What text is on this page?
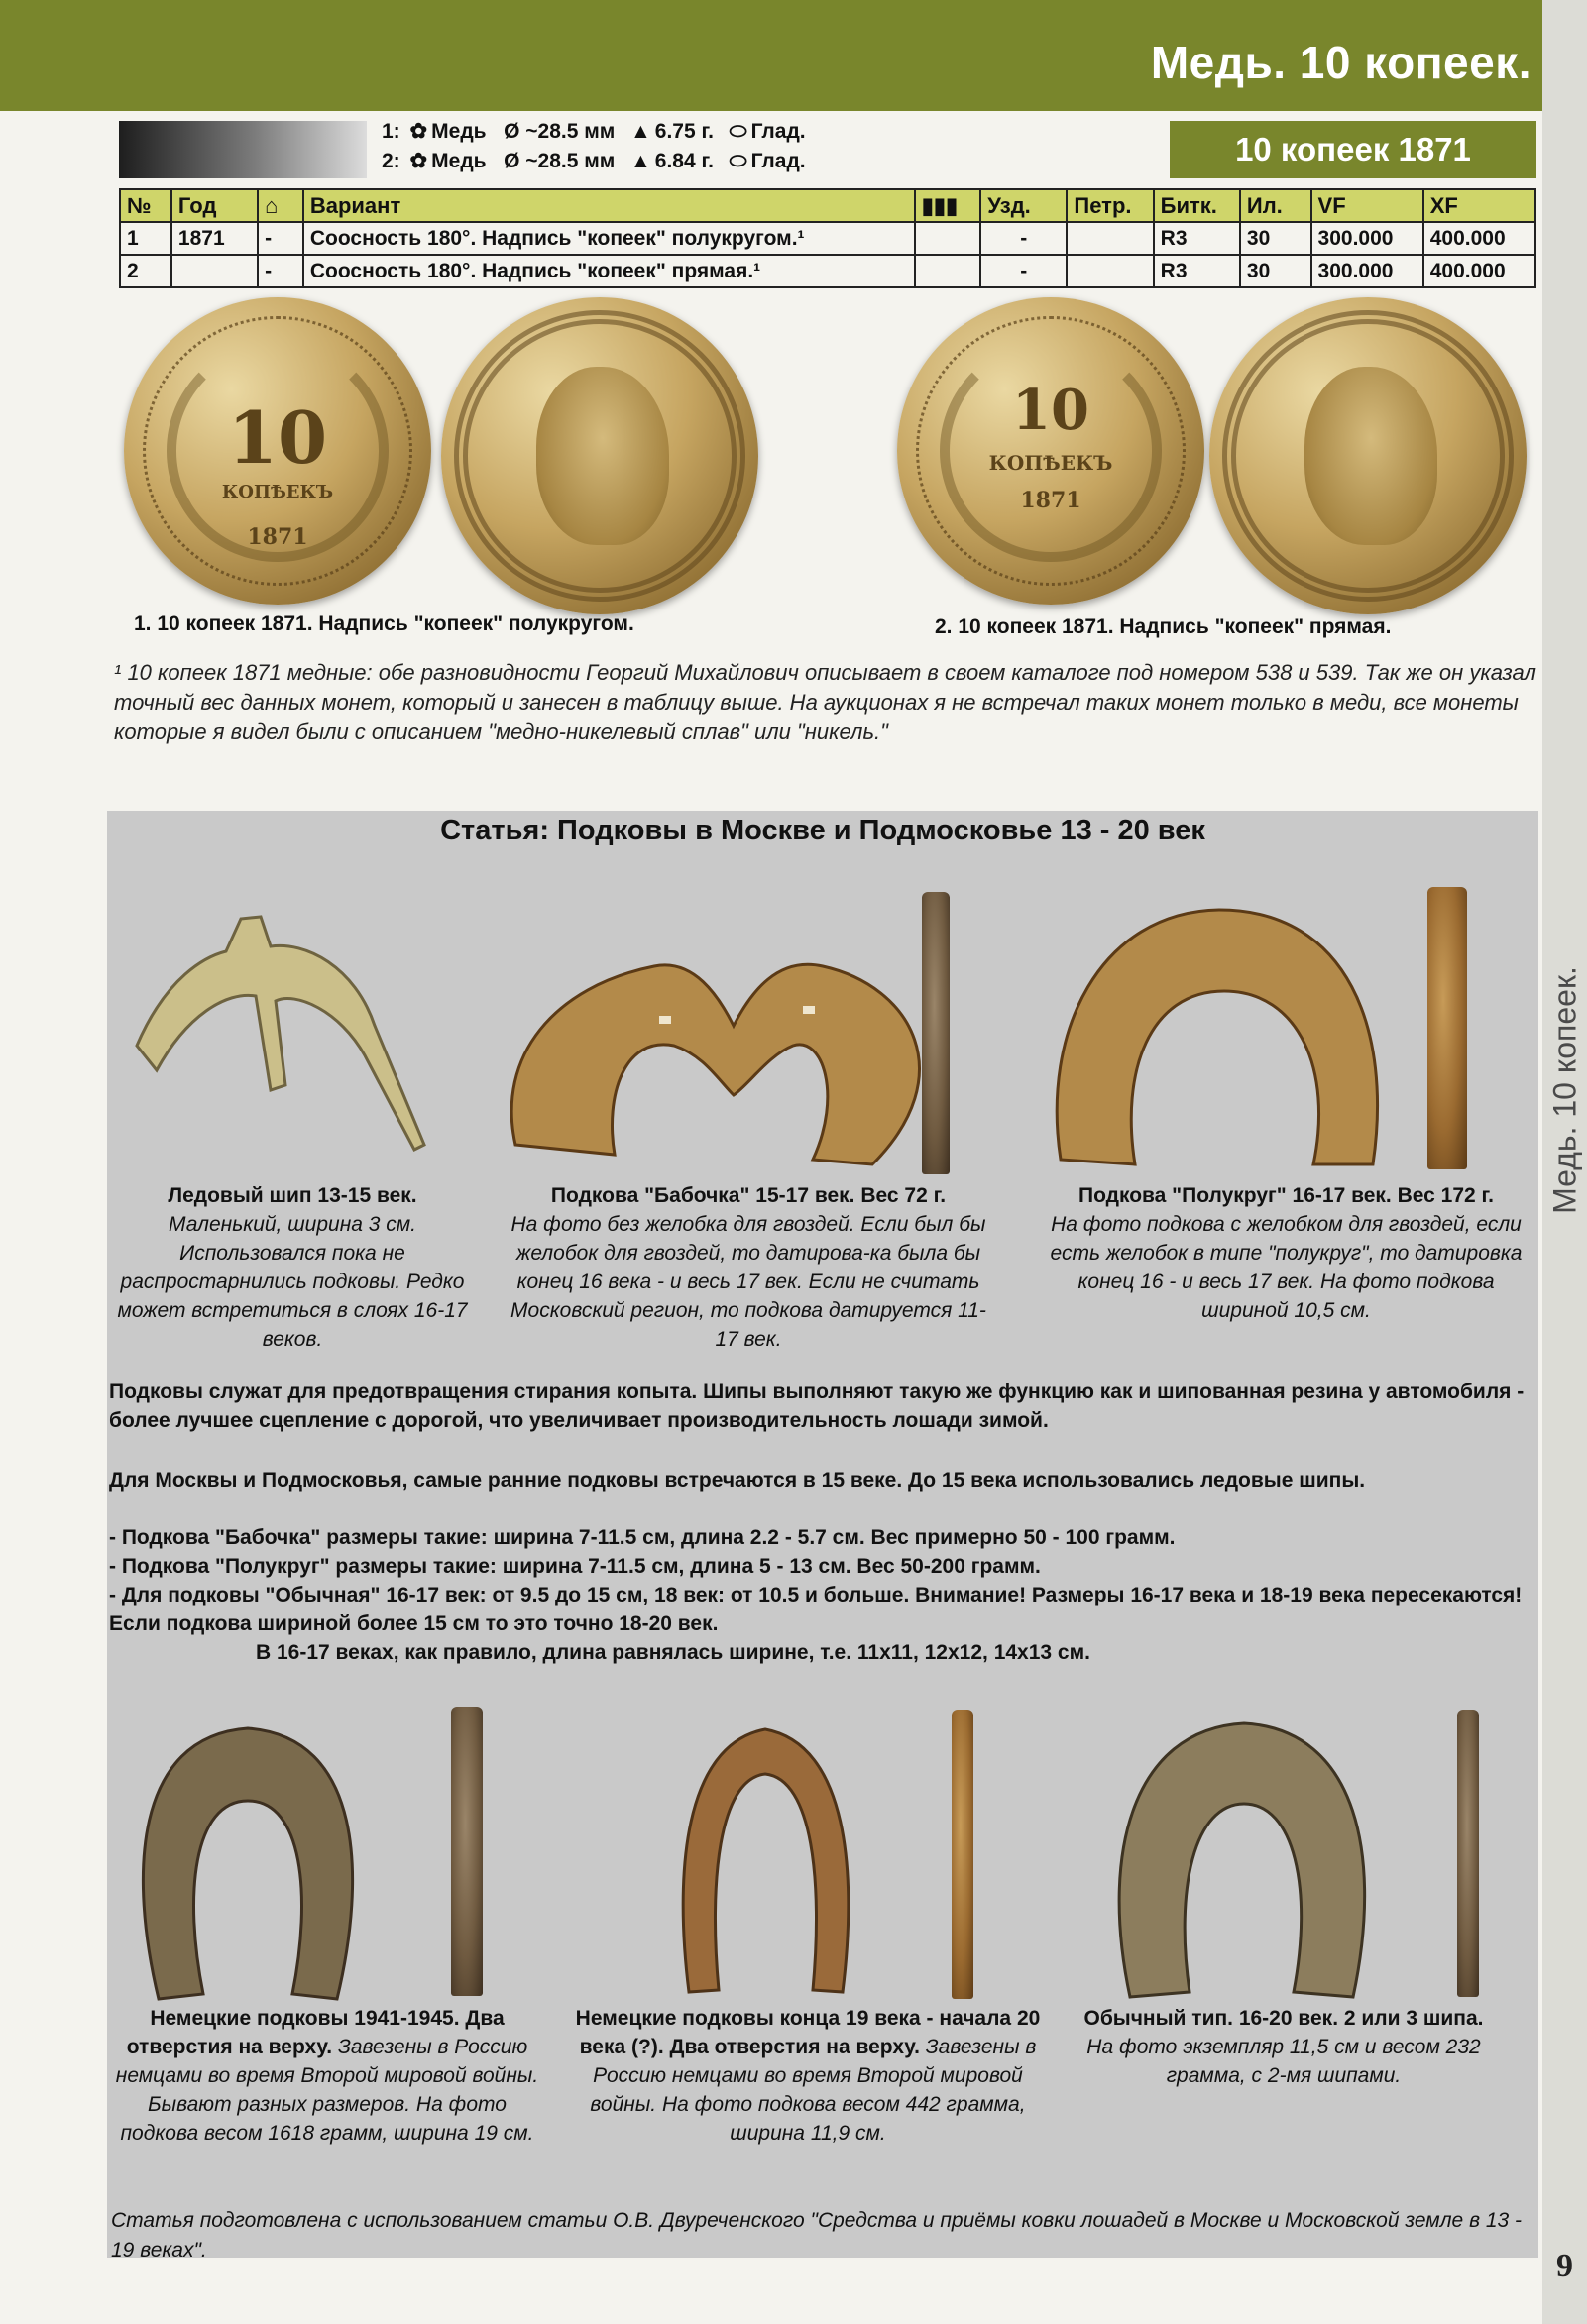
Медь. 10 копеек.
Медь. 10 копеек.
9
1: ✿ Медь Ø ~28.5 мм ▲ 6.75 г. ⬭ Глад.
2: ✿ Медь Ø ~28.5 мм ▲ 6.84 г. ⬭ Глад.	10 копеек 1871
№	Год	⌂	Вариант	▮▮▮	Узд.	Петр.	Битк.	Ил.	VF	XF
1	1871	-	Соосность 180°. Надпись "копеек" полукругом.¹		-		R3	30	300.000	400.000
2		-	Соосность 180°. Надпись "копеек" прямая.¹		-		R3	30	300.000	400.000
10
КОПѢЕКЪ
1871
10
КОПѢЕКЪ
1871
1. 10 копеек 1871. Надпись "копеек" полукругом.	2. 10 копеек 1871. Надпись "копеек" прямая.
¹ 10 копеек 1871 медные: обе разновидности Георгий Михайлович описывает в своем каталоге под номером 538 и 539. Так же он указал точный вес данных монет, который и занесен в таблицу выше. На аукционах я не встречал таких монет только в меди, все монеты которые я видел были с описанием "медно-никелевый сплав" или "никель."
Статья: Подковы в Москве и Подмосковье 13 - 20 век
Ледовый шип 13-15 век.
Маленький, ширина 3 см. Использовался пока не распростарнились подковы. Редко может встретиться в слоях 16-17 веков.
Подкова "Бабочка" 15-17 век. Вес 72 г.
На фото без желобка для гвоздей. Если был бы желобок для гвоздей, то датирова-ка была бы конец 16 века - и весь 17 век. Если не считать Московский регион, то подкова датируется 11-17 век.
Подкова "Полукруг" 16-17 век. Вес 172 г.
На фото подкова с желобком для гвоздей, если есть желобок в типе "полукруг", то датировка конец 16 - и весь 17 век. На фото подкова шириной 10,5 см.
Подковы служат для предотвращения стирания копыта. Шипы выполняют такую же функцию как и шипованная резина у автомобиля - более лучшее сцепление с дорогой, что увеличивает производительность лошади зимой.
Для Москвы и Подмосковья, самые ранние подковы встречаются в 15 веке. До 15 века использовались ледовые шипы.
- Подкова "Бабочка" размеры такие: ширина 7-11.5 см, длина 2.2 - 5.7 см. Вес примерно 50 - 100 грамм.
- Подкова "Полукруг" размеры такие: ширина 7-11.5 см, длина 5 - 13 см. Вес 50-200 грамм.
- Для подковы "Обычная" 16-17 век: от 9.5 до 15 см, 18 век: от 10.5 и больше. Внимание! Размеры 16-17 века и 18-19 века пересекаются! Если подкова шириной более 15 см то это точно 18-20 век.
В 16-17 веках, как правило, длина равнялась ширине, т.е. 11х11, 12х12, 14х13 см.
Немецкие подковы 1941-1945. Два отверстия на верху. Завезены в Россию немцами во время Второй мировой войны. Бывают разных размеров. На фото подкова весом 1618 грамм, ширина 19 см.
Немецкие подковы конца 19 века - начала 20 века (?). Два отверстия на верху. Завезены в Россию немцами во время Второй мировой войны. На фото подкова весом 442 грамма, ширина 11,9 см.
Обычный тип. 16-20 век. 2 или 3 шипа. На фото экземпляр 11,5 см и весом 232 грамма, с 2-мя шипами.
Статья подготовлена с использованием статьи О.В. Двуреченского "Средства и приёмы ковки лошадей в Москве и Московской земле в 13 - 19 веках".
